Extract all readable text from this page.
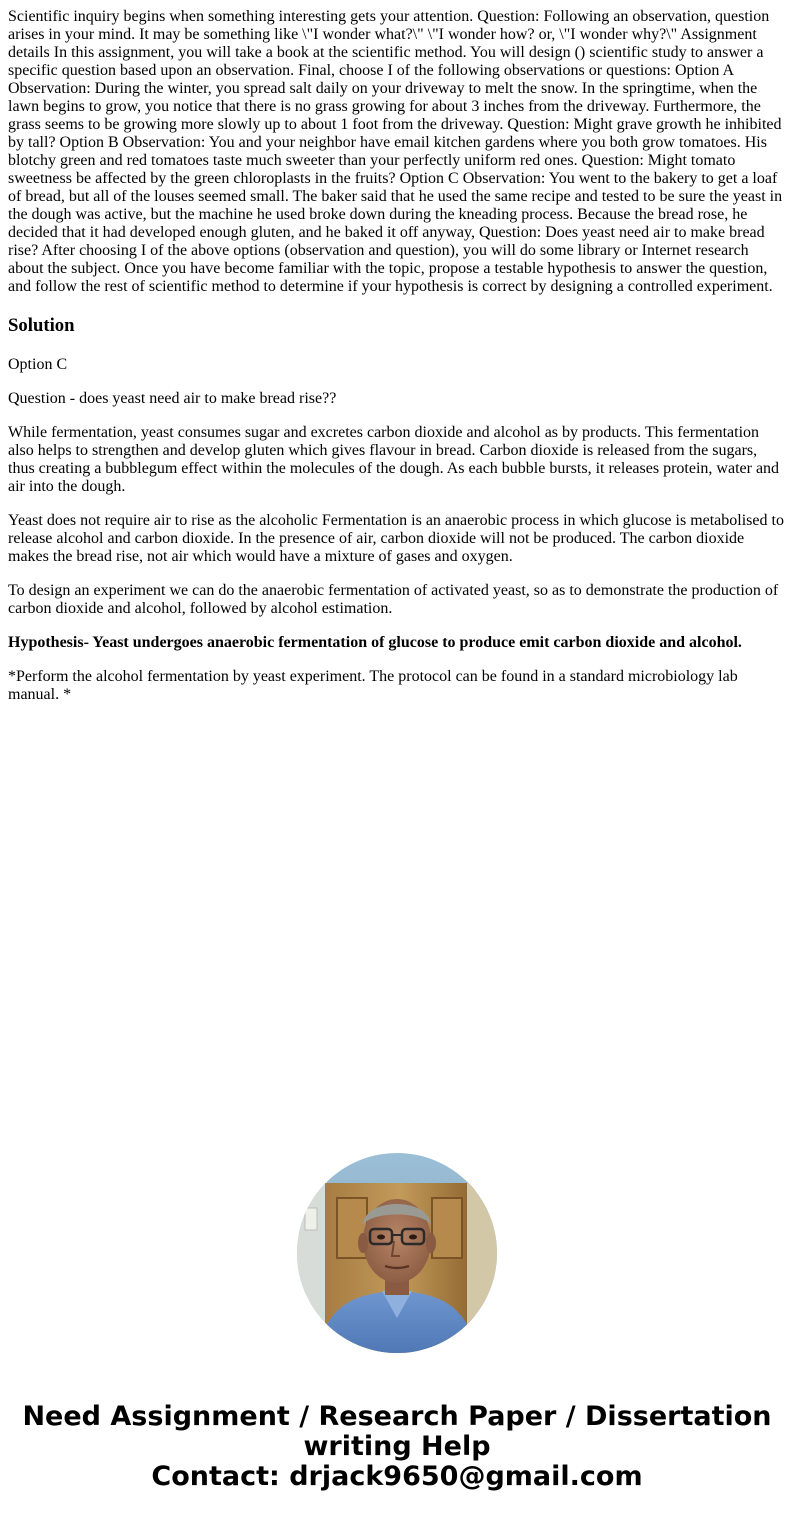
Scientific inquiry begins when something interesting gets your attention. Question: Following an observation, question arises in your mind. It may be something like \"I wonder what?\" \"I wonder how? or, \"I wonder why?\" Assignment details In this assignment, you will take a book at the scientific method. You will design () scientific study to answer a specific question based upon an observation. Final, choose I of the following observations or questions: Option A Observation: During the winter, you spread salt daily on your driveway to melt the snow. In the springtime, when the lawn begins to grow, you notice that there is no grass growing for about 3 inches from the driveway. Furthermore, the grass seems to be growing more slowly up to about 1 foot from the driveway. Question: Might grave growth he inhibited by tall? Option B Observation: You and your neighbor have email kitchen gardens where you both grow tomatoes. His blotchy green and red tomatoes taste much sweeter than your perfectly uniform red ones. Question: Might tomato sweetness be affected by the green chloroplasts in the fruits? Option C Observation: You went to the bakery to get a loaf of bread, but all of the louses seemed small. The baker said that he used the same recipe and tested to be sure the yeast in the dough was active, but the machine he used broke down during the kneading process. Because the bread rose, he decided that it had developed enough gluten, and he baked it off anyway, Question: Does yeast need air to make bread rise? After choosing I of the above options (observation and question), you will do some library or Internet research about the subject. Once you have become familiar with the topic, propose a testable hypothesis to answer the question, and follow the rest of scientific method to determine if your hypothesis is correct by designing a controlled experiment.

Solution

Option C

Question - does yeast need air to make bread rise??

While fermentation, yeast consumes sugar and excretes carbon dioxide and alcohol as by products. This fermentation also helps to strengthen and develop gluten which gives flavour in bread. Carbon dioxide is released from the sugars, thus creating a bubblegum effect within the molecules of the dough. As each bubble bursts, it releases protein, water and air into the dough.

Yeast does not require air to rise as the alcoholic Fermentation is an anaerobic process in which glucose is metabolised to release alcohol and carbon dioxide. In the presence of air, carbon dioxide will not be produced. The carbon dioxide makes the bread rise, not air which would have a mixture of gases and oxygen.

To design an experiment we can do the anaerobic fermentation of activated yeast, so as to demonstrate the production of carbon dioxide and alcohol, followed by alcohol estimation.

Hypothesis- Yeast undergoes anaerobic fermentation of glucose to produce emit carbon dioxide and alcohol.

*Perform the alcohol fermentation by yeast experiment. The protocol can be found in a standard microbiology lab manual. *

Need Assignment / Research Paper / Dissertation
writing Help
Contact: drjack9650@gmail.com
